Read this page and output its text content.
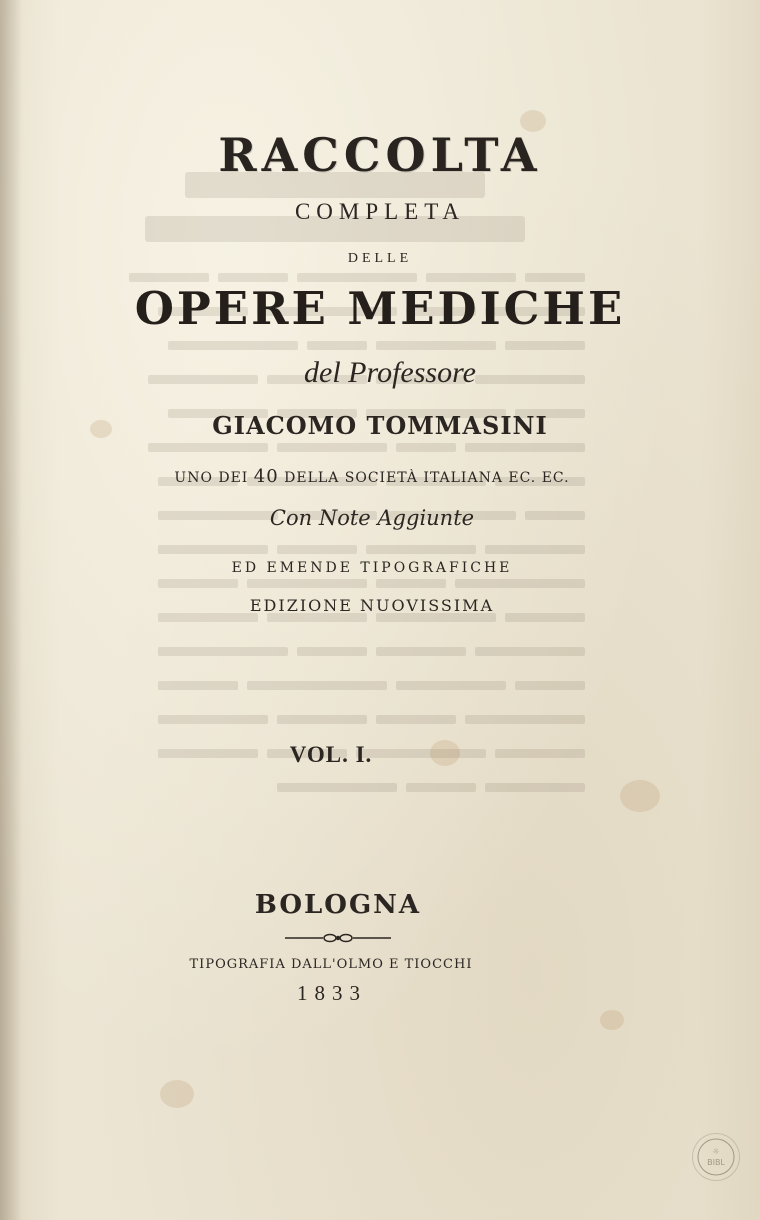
RACCOLTA
COMPLETA
DELLE
OPERE MEDICHE
del Professore
GIACOMO TOMMASINI
UNO DEI 40 DELLA SOCIETÀ ITALIANA EC. EC.
Con Note Aggiunte
ED EMENDE TIPOGRAFICHE
EDIZIONE NUOVISSIMA
VOL. I.
BOLOGNA
TIPOGRAFIA DALL'OLMO E TIOCCHI
1833
☼
BIBL
